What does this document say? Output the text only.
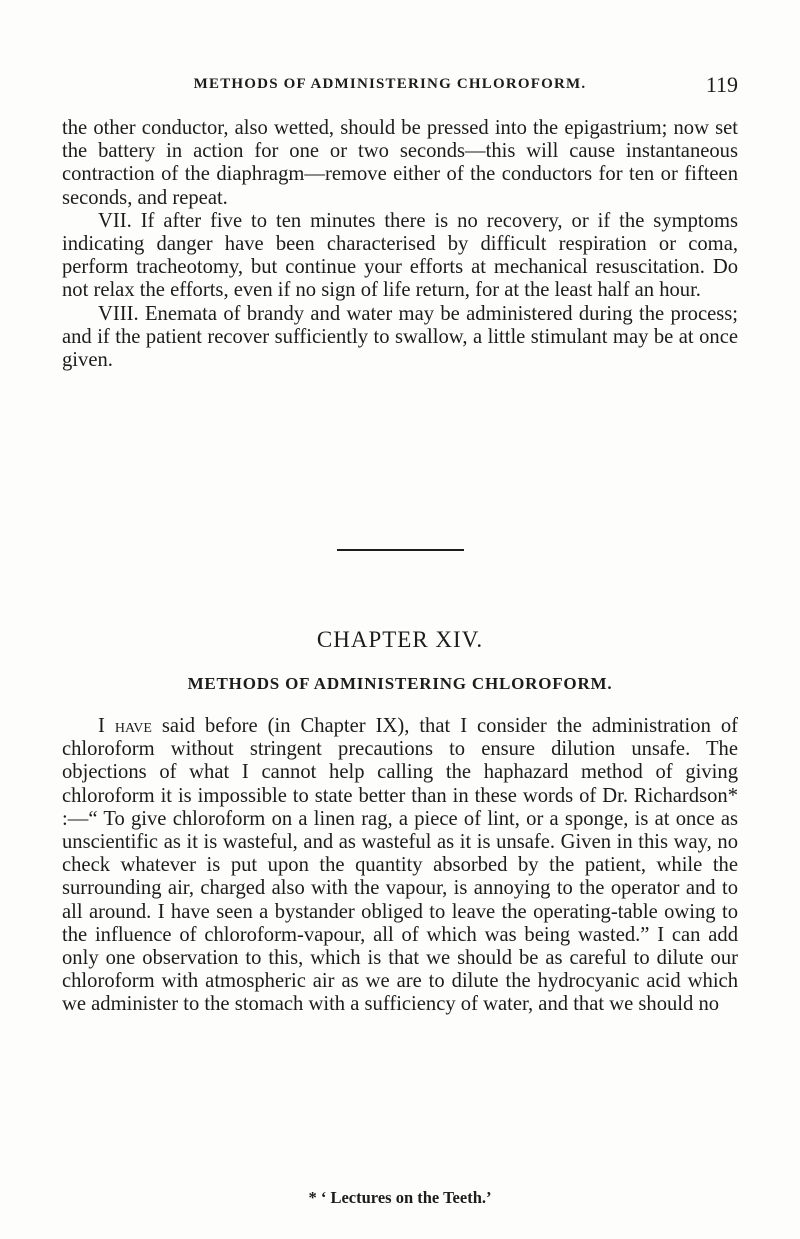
METHODS OF ADMINISTERING CHLOROFORM.	119

the other conductor, also wetted, should be pressed into the epigastrium; now set the battery in action for one or two seconds—this will cause instantaneous contraction of the diaphragm—remove either of the conductors for ten or fifteen seconds, and repeat.

VII. If after five to ten minutes there is no recovery, or if the symptoms indicating danger have been characterised by difficult respiration or coma, perform tracheotomy, but continue your efforts at mechanical resuscitation. Do not relax the efforts, even if no sign of life return, for at the least half an hour.

VIII. Enemata of brandy and water may be administered during the process; and if the patient recover sufficiently to swallow, a little stimulant may be at once given.

CHAPTER XIV.
METHODS OF ADMINISTERING CHLOROFORM.

I have said before (in Chapter IX), that I consider the administration of chloroform without stringent precautions to ensure dilution unsafe. The objections of what I cannot help calling the haphazard method of giving chloroform it is impossible to state better than in these words of Dr. Richardson* :—“ To give chloroform on a linen rag, a piece of lint, or a sponge, is at once as unscientific as it is wasteful, and as wasteful as it is unsafe. Given in this way, no check whatever is put upon the quantity absorbed by the patient, while the surrounding air, charged also with the vapour, is annoying to the operator and to all around. I have seen a bystander obliged to leave the operating-table owing to the influence of chloroform-vapour, all of which was being wasted.” I can add only one observation to this, which is that we should be as careful to dilute our chloroform with atmospheric air as we are to dilute the hydrocyanic acid which we administer to the stomach with a sufficiency of water, and that we should no

* ‘ Lectures on the Teeth.’
